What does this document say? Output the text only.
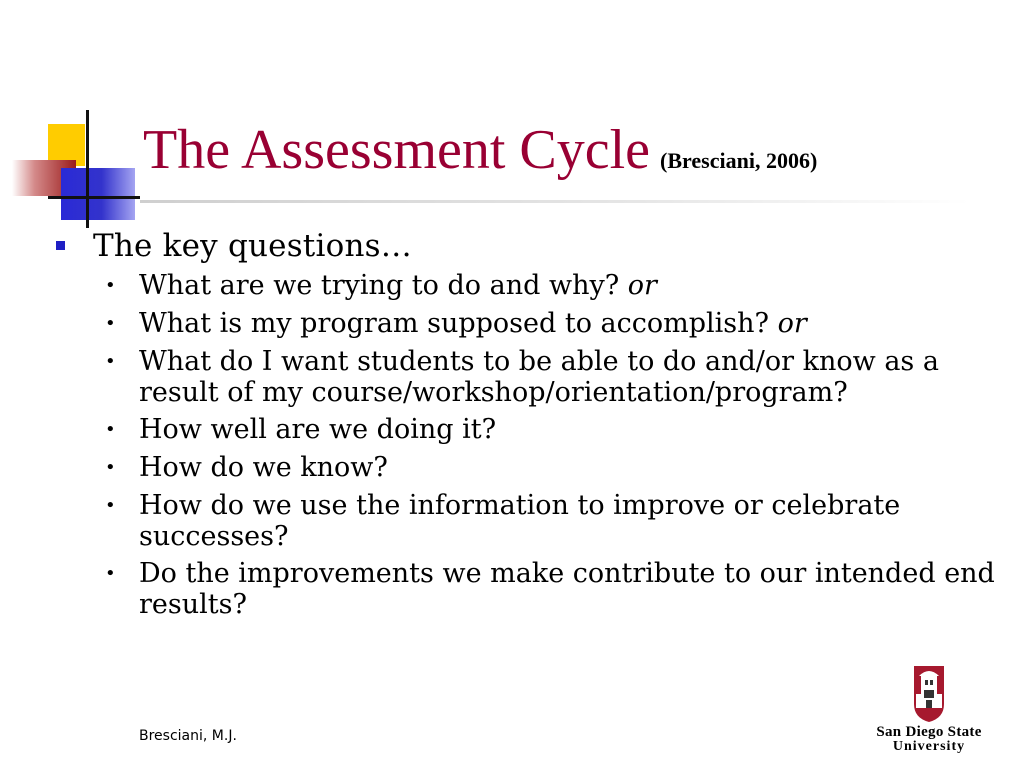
The Assessment Cycle (Bresciani, 2006)
The key questions…
• What are we trying to do and why? or
• What is my program supposed to accomplish? or
• What do I want students to be able to do and/or know as a result of my course/workshop/orientation/program?
• How well are we doing it?
• How do we know?
• How do we use the information to improve or celebrate successes?
• Do the improvements we make contribute to our intended end results?
Bresciani, M.J.	San Diego State
University
